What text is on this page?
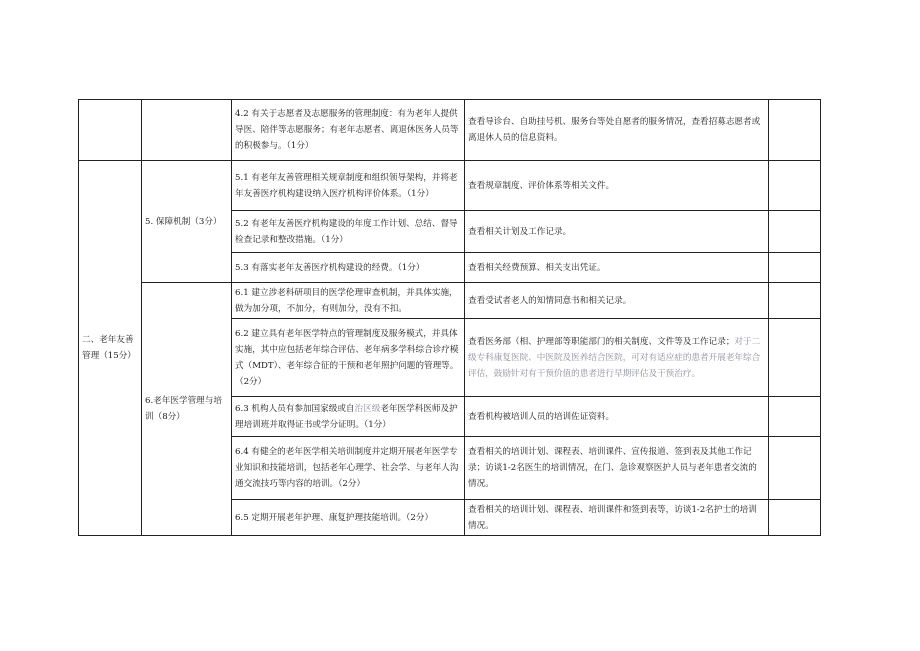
		4.2 有关于志愿者及志愿服务的管理制度：有为老年人提供导医、陪伴等志愿服务；有老年志愿者、离退休医务人员等的积极参与。（1分）	查看导诊台、自助挂号机、服务台等处自愿者的服务情况，查看招募志愿者或离退休人员的信息资料。	
二、老年友善管理（15分）	5. 保障机制（3分）	5.1 有老年友善管理相关规章制度和组织领导架构，并将老年友善医疗机构建设纳入医疗机构评价体系。（1分）	查看规章制度、评价体系等相关文件。	
		5.2 有老年友善医疗机构建设的年度工作计划、总结、督导检查记录和整改措施。（1分）	查看相关计划及工作记录。	
		5.3 有落实老年友善医疗机构建设的经费。（1分）	查看相关经费预算、相关支出凭证。	
	6.老年医学管理与培训（8分）	6.1 建立涉老科研项目的医学伦理审查机制，并具体实施，做为加分项，不加分，有则加分，没有不扣。	查看受试者老人的知情同意书和相关记录。	
		6.2 建立具有老年医学特点的管理制度及服务模式，并具体实施，其中应包括老年综合评估、老年病多学科综合诊疗模式（MDT）、老年综合征的干预和老年照护问题的管理等。（2分）	查看医务部（相、护理部等职能部门的相关制度、文件等及工作记录；对于二级专科康复医院、中医院及医养结合医院，可对有适应症的患者开展老年综合评估，鼓励针对有干预价值的患者进行早期评估及干预治疗。	
		6.3 机构人员有参加国家级或自治区级老年医学科医师及护理培训班并取得证书或学分证明。（1分）	查看机构被培训人员的培训佐证资料。	
		6.4 有健全的老年医学相关培训制度并定期开展老年医学专业知识和技能培训，包括老年心理学、社会学、与老年人沟通交流技巧等内容的培训。（2分）	查看相关的培训计划、课程表、培训课件、宣传报道、签到表及其他工作记录；访谈1-2名医生的培训情况，在门、急诊观察医护人员与老年患者交流的情况。	
		6.5 定期开展老年护理、康复护理技能培训。（2分）	查看相关的培训计划、课程表、培训课件和签到表等，访谈1-2名护士的培训情况。	
